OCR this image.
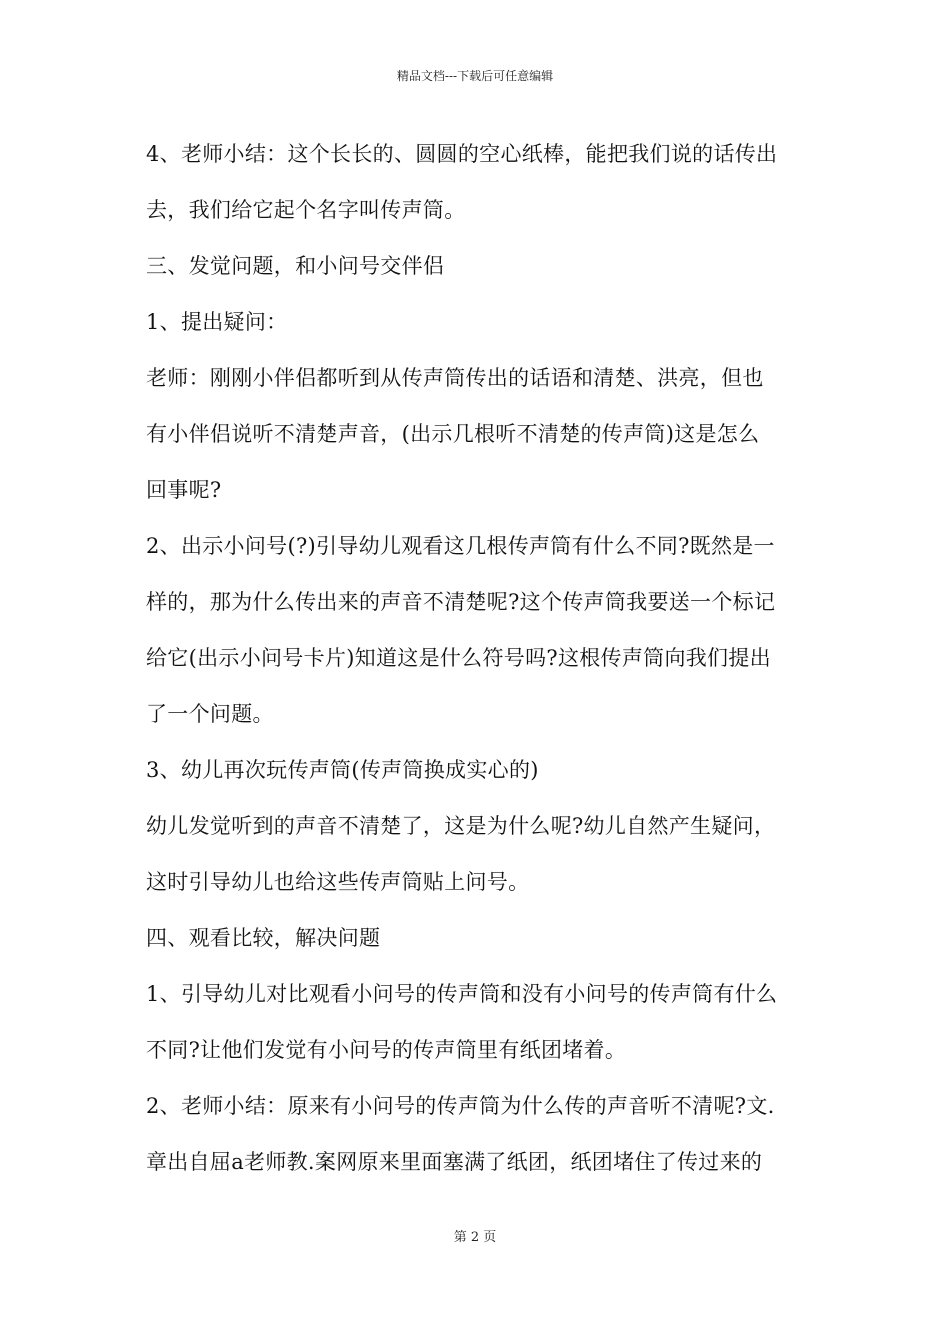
精品文档---下载后可任意编辑
4、老师小结：这个长长的、圆圆的空心纸棒，能把我们说的话传出
去，我们给它起个名字叫传声筒。
三、发觉问题，和小问号交伴侣
1、提出疑问：
老师：刚刚小伴侣都听到从传声筒传出的话语和清楚、洪亮，但也
有小伴侣说听不清楚声音，(出示几根听不清楚的传声筒)这是怎么
回事呢?
2、出示小问号(?)引导幼儿观看这几根传声筒有什么不同?既然是一
样的，那为什么传出来的声音不清楚呢?这个传声筒我要送一个标记
给它(出示小问号卡片)知道这是什么符号吗?这根传声筒向我们提出
了一个问题。
3、幼儿再次玩传声筒(传声筒换成实心的)
幼儿发觉听到的声音不清楚了，这是为什么呢?幼儿自然产生疑问，
这时引导幼儿也给这些传声筒贴上问号。
四、观看比较，解决问题
1、引导幼儿对比观看小问号的传声筒和没有小问号的传声筒有什么
不同?让他们发觉有小问号的传声筒里有纸团堵着。
2、老师小结：原来有小问号的传声筒为什么传的声音听不清呢?文.
章出自屈a老师教.案网原来里面塞满了纸团，纸团堵住了传过来的
第 2 页
